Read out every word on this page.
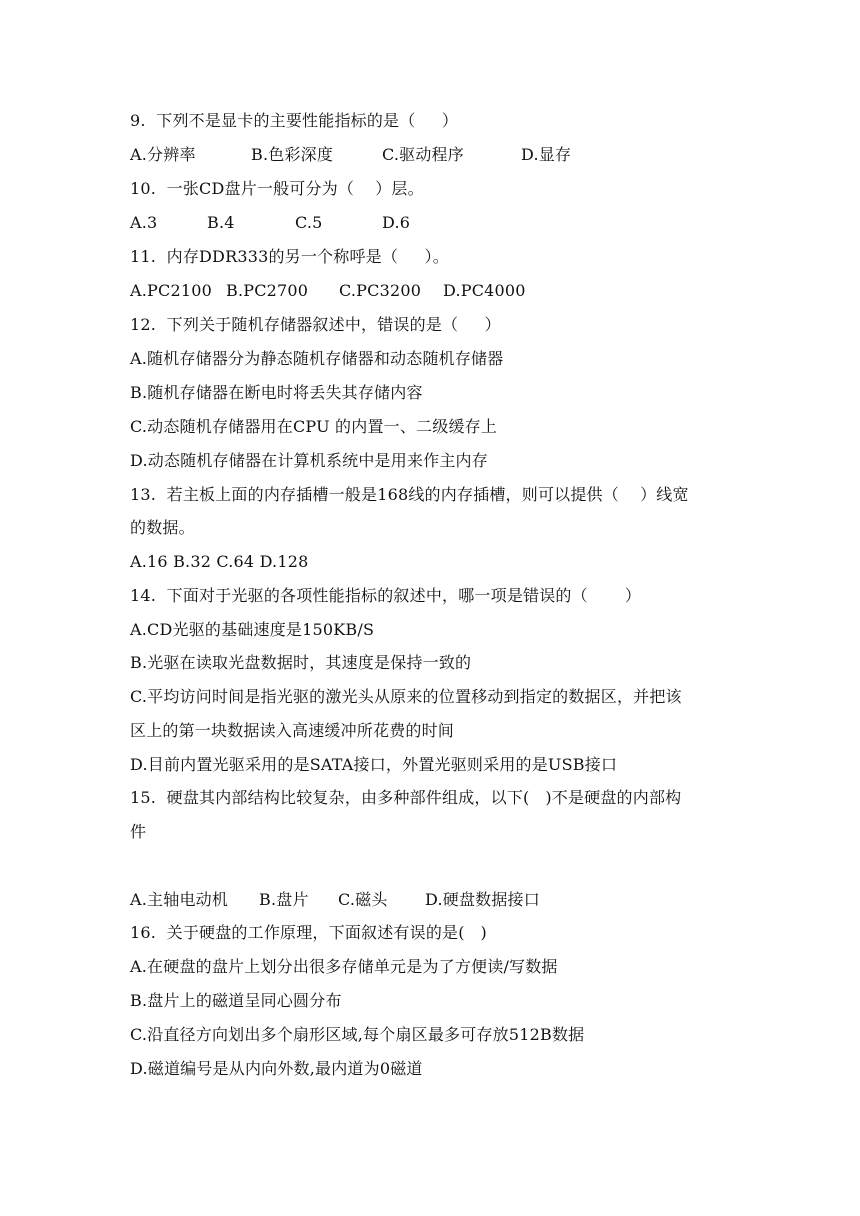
9.  下列不是显卡的主要性能指标的是（     ）
A.分辨率	B.色彩深度	C.驱动程序	D.显存
10.  一张CD盘片一般可分为（    ）层。
A.3	B.4	C.5	D.6
11.  内存DDR333的另一个称呼是（     ）。
A.PC2100 B.PC2700 C.PC3200 D.PC4000
12.  下列关于随机存储器叙述中，错误的是（     ）
A.随机存储器分为静态随机存储器和动态随机存储器
B.随机存储器在断电时将丢失其存储内容
C.动态随机存储器用在CPU 的内置一、二级缓存上
D.动态随机存储器在计算机系统中是用来作主内存
13.  若主板上面的内存插槽一般是168线的内存插槽，则可以提供（    ）线宽
的数据。
A.16 B.32 C.64 D.128
14.  下面对于光驱的各项性能指标的叙述中，哪一项是错误的（       ）
A.CD光驱的基础速度是150KB/S
B.光驱在读取光盘数据时，其速度是保持一致的
C.平均访问时间是指光驱的激光头从原来的位置移动到指定的数据区，并把该
区上的第一块数据读入高速缓冲所花费的时间
D.目前内置光驱采用的是SATA接口，外置光驱则采用的是USB接口
15.  硬盘其内部结构比较复杂，由多种部件组成，以下(   )不是硬盘的内部构
件
A.主轴电动机 B.盘片 C.磁头 D.硬盘数据接口
16.  关于硬盘的工作原理，下面叙述有误的是(   )
A.在硬盘的盘片上划分出很多存储单元是为了方便读/写数据
B.盘片上的磁道呈同心圆分布
C.沿直径方向划出多个扇形区域,每个扇区最多可存放512B数据
D.磁道编号是从内向外数,最内道为0磁道
